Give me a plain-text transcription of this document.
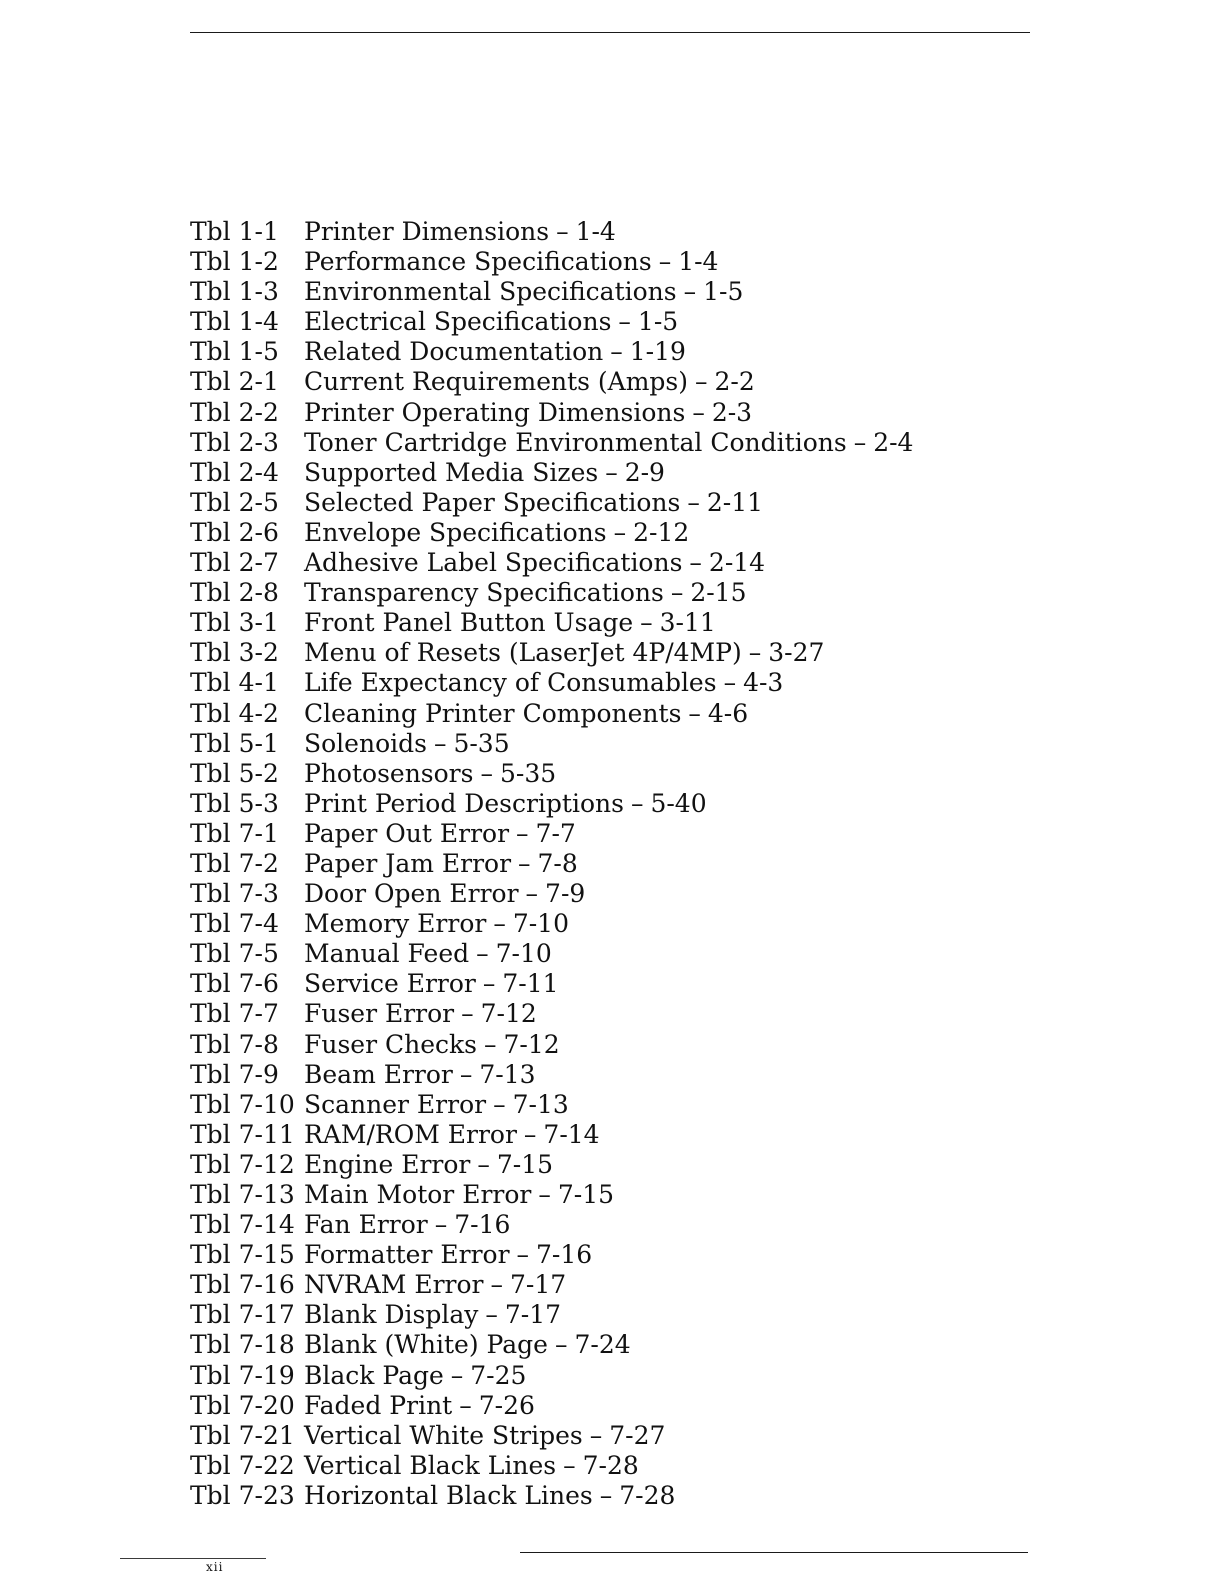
Tbl 1-1	Printer Dimensions – 1-4
Tbl 1-2	Performance Specifications – 1-4
Tbl 1-3	Environmental Specifications – 1-5
Tbl 1-4	Electrical Specifications – 1-5
Tbl 1-5	Related Documentation – 1-19
Tbl 2-1	Current Requirements (Amps) – 2-2
Tbl 2-2	Printer Operating Dimensions – 2-3
Tbl 2-3	Toner Cartridge Environmental Conditions – 2-4
Tbl 2-4	Supported Media Sizes – 2-9
Tbl 2-5	Selected Paper Specifications – 2-11
Tbl 2-6	Envelope Specifications – 2-12
Tbl 2-7	Adhesive Label Specifications – 2-14
Tbl 2-8	Transparency Specifications – 2-15
Tbl 3-1	Front Panel Button Usage – 3-11
Tbl 3-2	Menu of Resets (LaserJet 4P/4MP) – 3-27
Tbl 4-1	Life Expectancy of Consumables – 4-3
Tbl 4-2	Cleaning Printer Components – 4-6
Tbl 5-1	Solenoids – 5-35
Tbl 5-2	Photosensors – 5-35
Tbl 5-3	Print Period Descriptions – 5-40
Tbl 7-1	Paper Out Error – 7-7
Tbl 7-2	Paper Jam Error – 7-8
Tbl 7-3	Door Open Error – 7-9
Tbl 7-4	Memory Error – 7-10
Tbl 7-5	Manual Feed – 7-10
Tbl 7-6	Service Error – 7-11
Tbl 7-7	Fuser Error – 7-12
Tbl 7-8	Fuser Checks – 7-12
Tbl 7-9	Beam Error – 7-13
Tbl 7-10 Scanner Error – 7-13
Tbl 7-11 RAM/ROM Error – 7-14
Tbl 7-12 Engine Error – 7-15
Tbl 7-13 Main Motor Error – 7-15
Tbl 7-14 Fan Error – 7-16
Tbl 7-15 Formatter Error – 7-16
Tbl 7-16 NVRAM Error – 7-17
Tbl 7-17 Blank Display – 7-17
Tbl 7-18 Blank (White) Page – 7-24
Tbl 7-19 Black Page – 7-25
Tbl 7-20 Faded Print – 7-26
Tbl 7-21 Vertical White Stripes – 7-27
Tbl 7-22 Vertical Black Lines – 7-28
Tbl 7-23 Horizontal Black Lines – 7-28
xii
